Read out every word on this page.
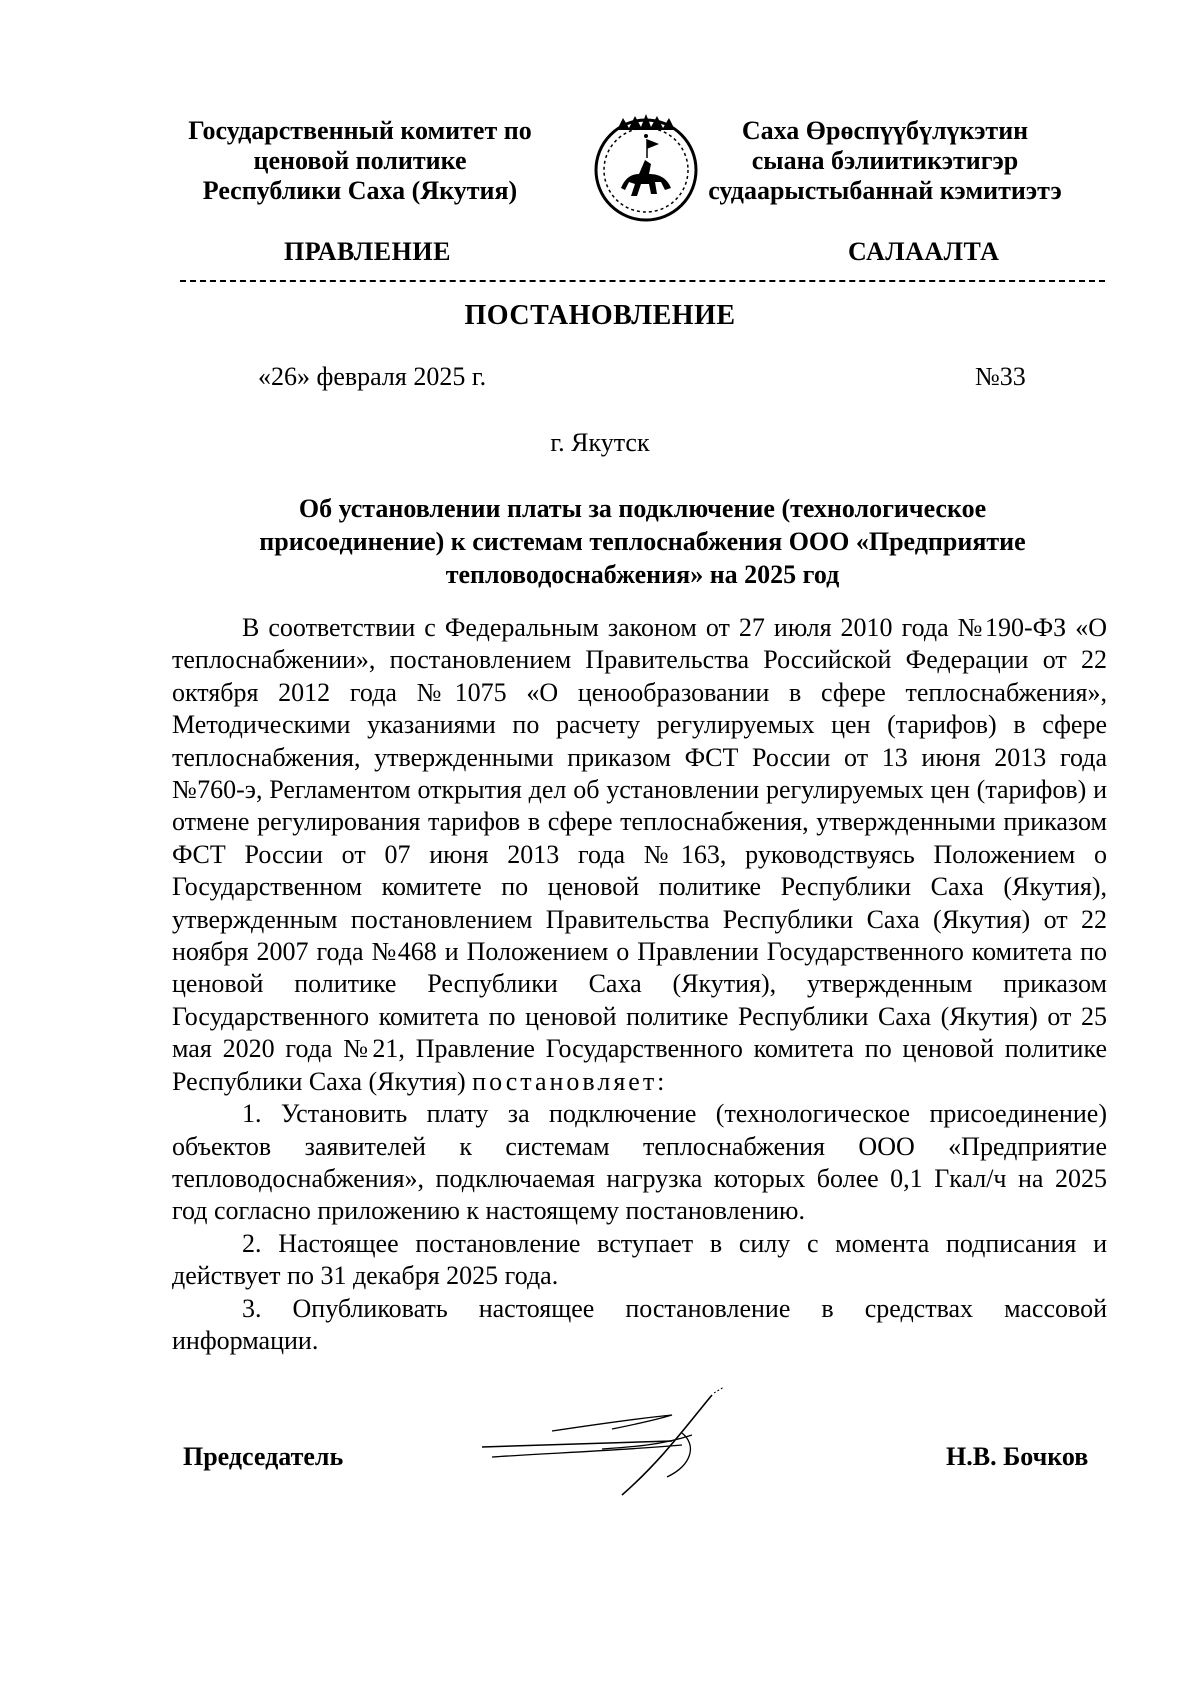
Государственный комитет по
ценовой политике
Республики Саха (Якутия)
Саха Өрөспүүбүлүкэтин
сыана бэлиитикэтигэр
судаарыстыбаннай кэмитиэтэ
ПРАВЛЕНИЕ	САЛААЛТА
ПОСТАНОВЛЕНИЕ
«26» февраля 2025 г.	№33
г. Якутск
Об установлении платы за подключение (технологическое
присоединение) к системам теплоснабжения ООО «Предприятие
тепловодоснабжения» на 2025 год

В соответствии с Федеральным законом от 27 июля 2010 года №190-ФЗ «О теплоснабжении», постановлением Правительства Российской Федерации от 22 октября 2012 года №1075 «О ценообразовании в сфере теплоснабжения», Методическими указаниями по расчету регулируемых цен (тарифов) в сфере теплоснабжения, утвержденными приказом ФСТ России от 13 июня 2013 года №760-э, Регламентом открытия дел об установлении регулируемых цен (тарифов) и отмене регулирования тарифов в сфере теплоснабжения, утвержденными приказом ФСТ России от 07 июня 2013 года №163, руководствуясь Положением о Государственном комитете по ценовой политике Республики Саха (Якутия), утвержденным постановлением Правительства Республики Саха (Якутия) от 22 ноября 2007 года №468 и Положением о Правлении Государственного комитета по ценовой политике Республики Саха (Якутия), утвержденным приказом Государственного комитета по ценовой политике Республики Саха (Якутия) от 25 мая 2020 года №21, Правление Государственного комитета по ценовой политике Республики Саха (Якутия) постановляет:

1. Установить плату за подключение (технологическое присоединение) объектов заявителей к системам теплоснабжения ООО «Предприятие тепловодоснабжения», подключаемая нагрузка которых более 0,1 Гкал/ч на 2025 год согласно приложению к настоящему постановлению.

2. Настоящее постановление вступает в силу с момента подписания и действует по 31 декабря 2025 года.

3. Опубликовать настоящее постановление в средствах массовой информации.

Председатель	Н.В. Бочков
